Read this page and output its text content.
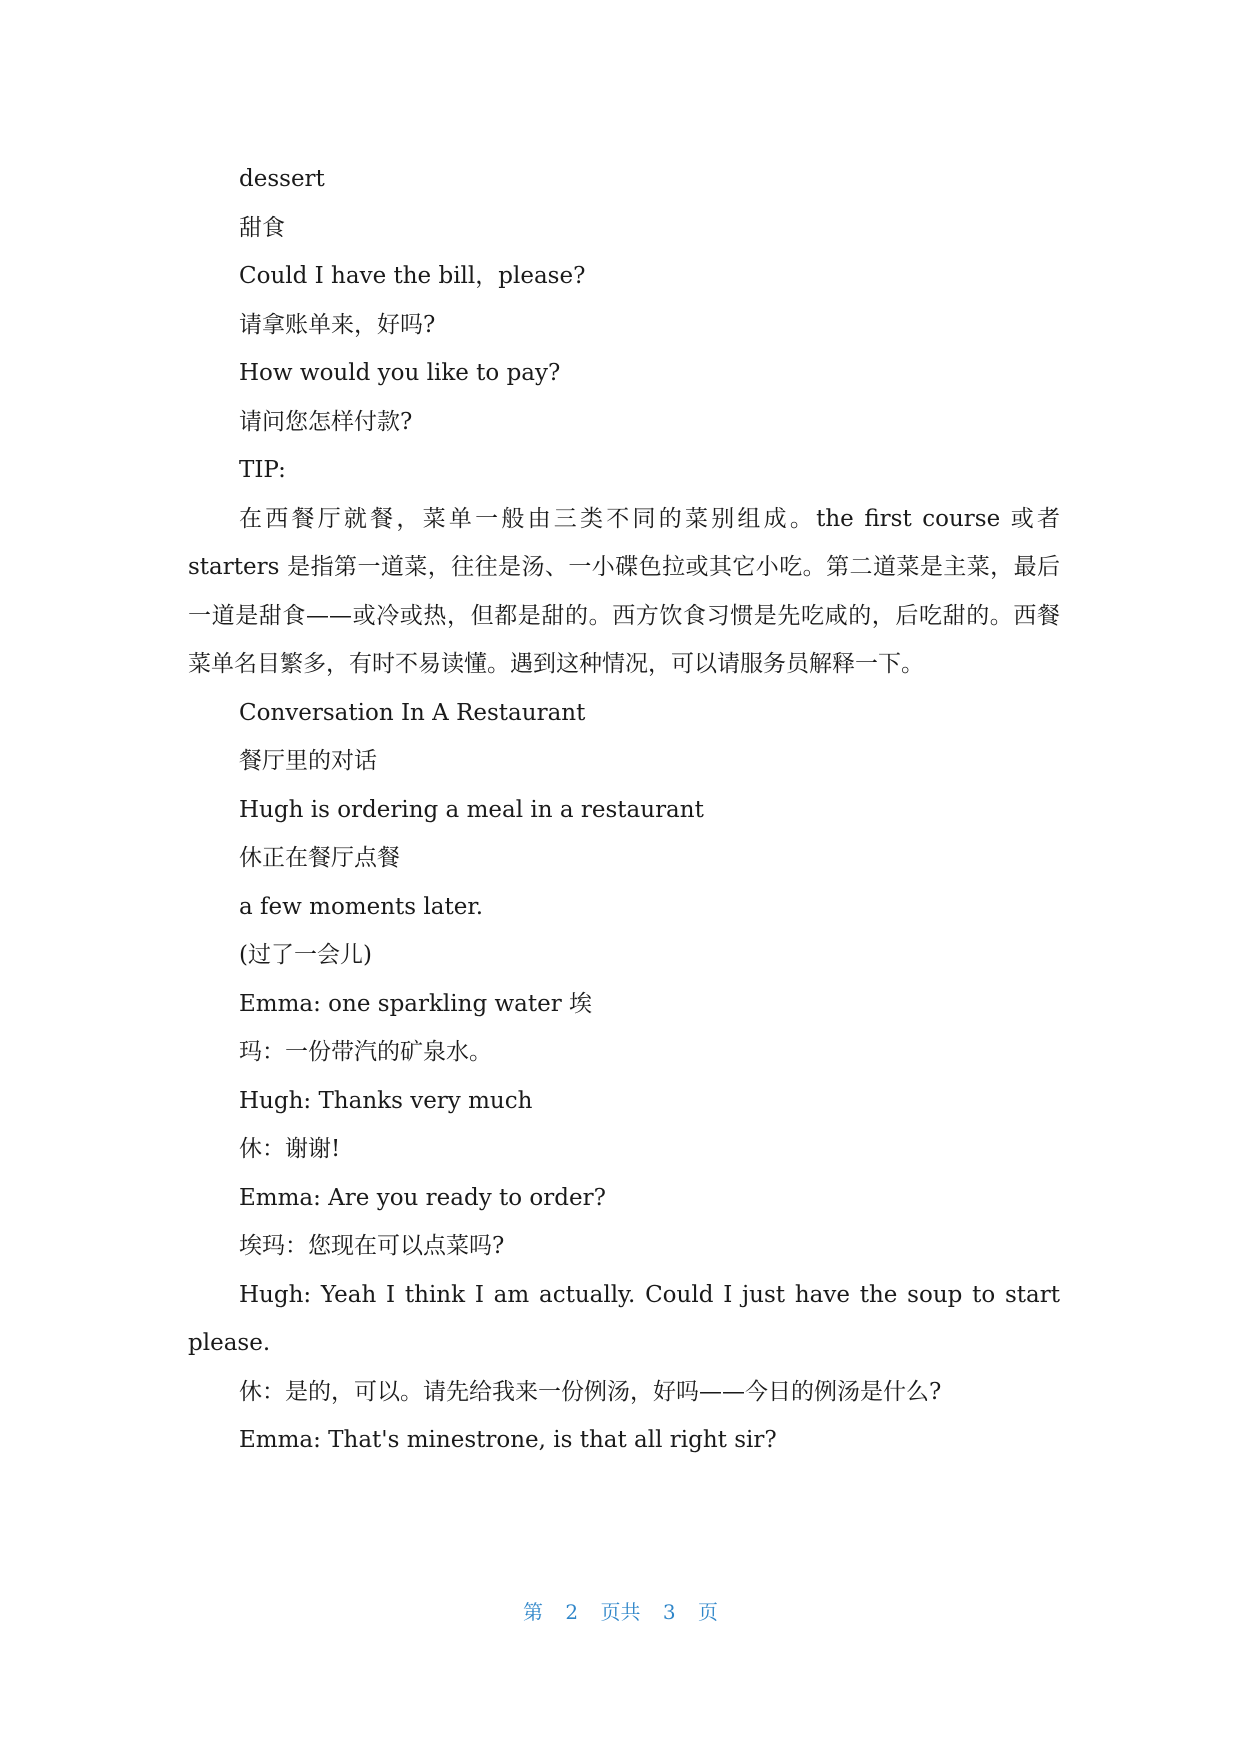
dessert

甜食

Could I have the bill，please?

请拿账单来，好吗?

How would you like to pay?

请问您怎样付款?

TIP:

在西餐厅就餐，菜单一般由三类不同的菜别组成。the first course 或者 starters 是指第一道菜，往往是汤、一小碟色拉或其它小吃。第二道菜是主菜，最后一道是甜食——或冷或热，但都是甜的。西方饮食习惯是先吃咸的，后吃甜的。西餐菜单名目繁多，有时不易读懂。遇到这种情况，可以请服务员解释一下。

Conversation In A Restaurant

餐厅里的对话

Hugh is ordering a meal in a restaurant

休正在餐厅点餐

a few moments later.

(过了一会儿)

Emma: one sparkling water 埃

玛：一份带汽的矿泉水。

Hugh: Thanks very much

休：谢谢!

Emma: Are you ready to order?

埃玛：您现在可以点菜吗?

Hugh: Yeah I think I am actually. Could I just have the soup to start please.

休：是的，可以。请先给我来一份例汤，好吗——今日的例汤是什么?

Emma: That's minestrone, is that all right sir?

第 2 页共 3 页
